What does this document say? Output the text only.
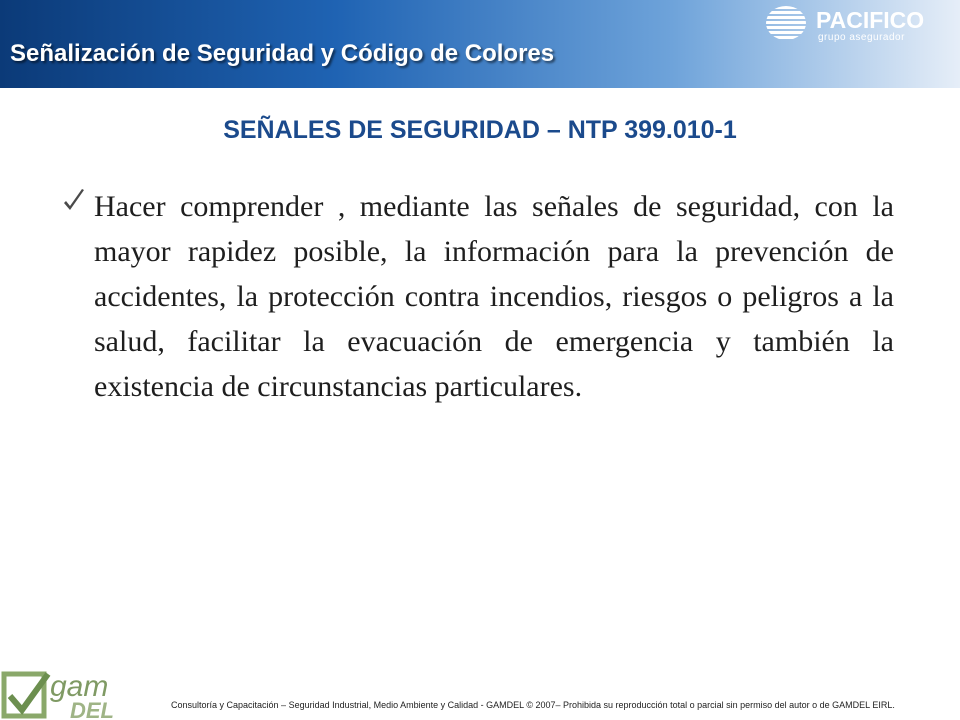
Señalización de Seguridad y Código de Colores
PACIFICO
grupo asegurador
SEÑALES DE SEGURIDAD – NTP 399.010-1
Hacer comprender , mediante las señales de seguridad, con la mayor rapidez posible, la información para la prevención de accidentes, la protección contra incendios, riesgos o peligros a la salud, facilitar la evacuación de emergencia y también la existencia de circunstancias particulares.
gam
DEL	Consultoría y Capacitación – Seguridad Industrial, Medio Ambiente y Calidad - GAMDEL © 2007– Prohibida su reproducción total o parcial sin permiso del autor o de GAMDEL EIRL.
